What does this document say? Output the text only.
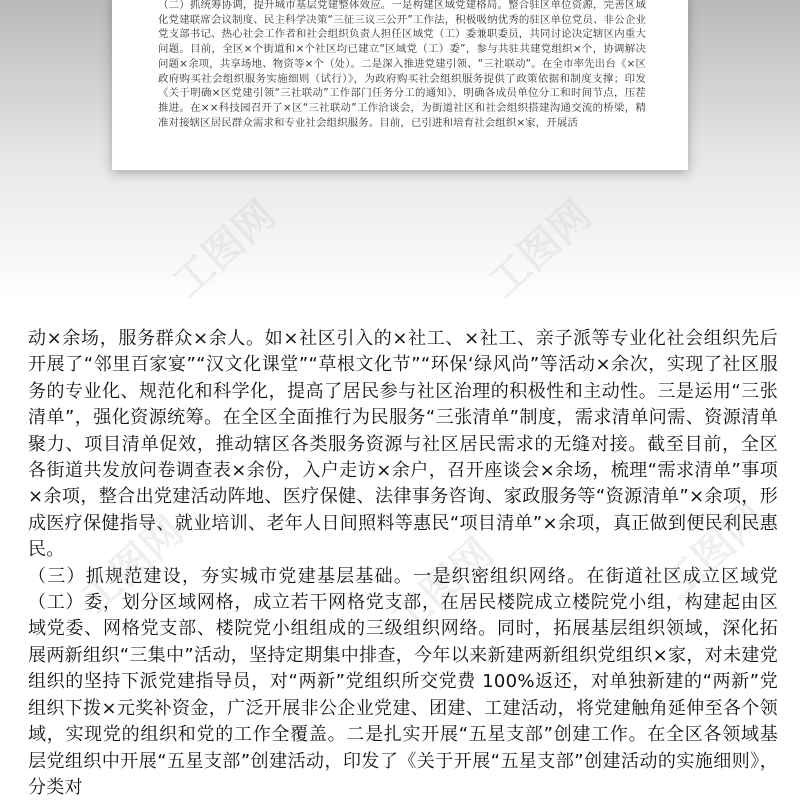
（二）抓统筹协调，提升城市基层党建整体效应。一是构建区域党建格局。整合驻区单位资源，完善区域化党建联席会议制度、民主科学决策“三征三议三公开”工作法，积极吸纳优秀的驻区单位党员、非公企业党支部书记、热心社会工作者和社会组织负责人担任区域党（工）委兼职委员，共同讨论决定辖区内重大问题。目前，全区×个街道和×个社区均已建立“区域党（工）委”，参与共驻共建党组织×个，协调解决问题×余项，共享场地、物资等×个（处）。二是深入推进党建引领、“三社联动”。在全市率先出台《×区政府购买社会组织服务实施细则（试行）》，为政府购买社会组织服务提供了政策依据和制度支撑；印发《关于明确×区党建引领“三社联动”工作部门任务分工的通知》，明确各成员单位分工和时间节点，压茬推进。在××科技园召开了×区“三社联动”工作洽谈会，为街道社区和社会组织搭建沟通交流的桥梁，精准对接辖区居民群众需求和专业社会组织服务。目前，已引进和培育社会组织×家，开展活

工图网	工图网
工图网	工图网	工图网

动×余场，服务群众×余人。如×社区引入的×社工、×社工、亲子派等专业化社会组织先后开展了“邻里百家宴”“汉文化课堂”“草根文化节”“环保‘绿风尚”等活动×余次，实现了社区服务的专业化、规范化和科学化，提高了居民参与社区治理的积极性和主动性。三是运用“三张清单”，强化资源统筹。在全区全面推行为民服务“三张清单”制度，需求清单问需、资源清单聚力、项目清单促效，推动辖区各类服务资源与社区居民需求的无缝对接。截至目前，全区各街道共发放问卷调查表×余份，入户走访×余户，召开座谈会×余场，梳理“需求清单”事项×余项，整合出党建活动阵地、医疗保健、法律事务咨询、家政服务等“资源清单”×余项，形成医疗保健指导、就业培训、老年人日间照料等惠民“项目清单”×余项，真正做到便民利民惠民。

（三）抓规范建设，夯实城市党建基层基础。一是织密组织网络。在街道社区成立区域党（工）委，划分区域网格，成立若干网格党支部，在居民楼院成立楼院党小组，构建起由区域党委、网格党支部、楼院党小组组成的三级组织网络。同时，拓展基层组织领域，深化拓展两新组织“三集中”活动，坚持定期集中排查，今年以来新建两新组织党组织×家，对未建党组织的坚持下派党建指导员，对“两新”党组织所交党费 100%返还，对单独新建的“两新”党组织下拨×元奖补资金，广泛开展非公企业党建、团建、工建活动，将党建触角延伸至各个领域，实现党的组织和党的工作全覆盖。二是扎实开展“五星支部”创建工作。在全区各领域基层党组织中开展“五星支部”创建活动，印发了《关于开展“五星支部”创建活动的实施细则》，分类对
